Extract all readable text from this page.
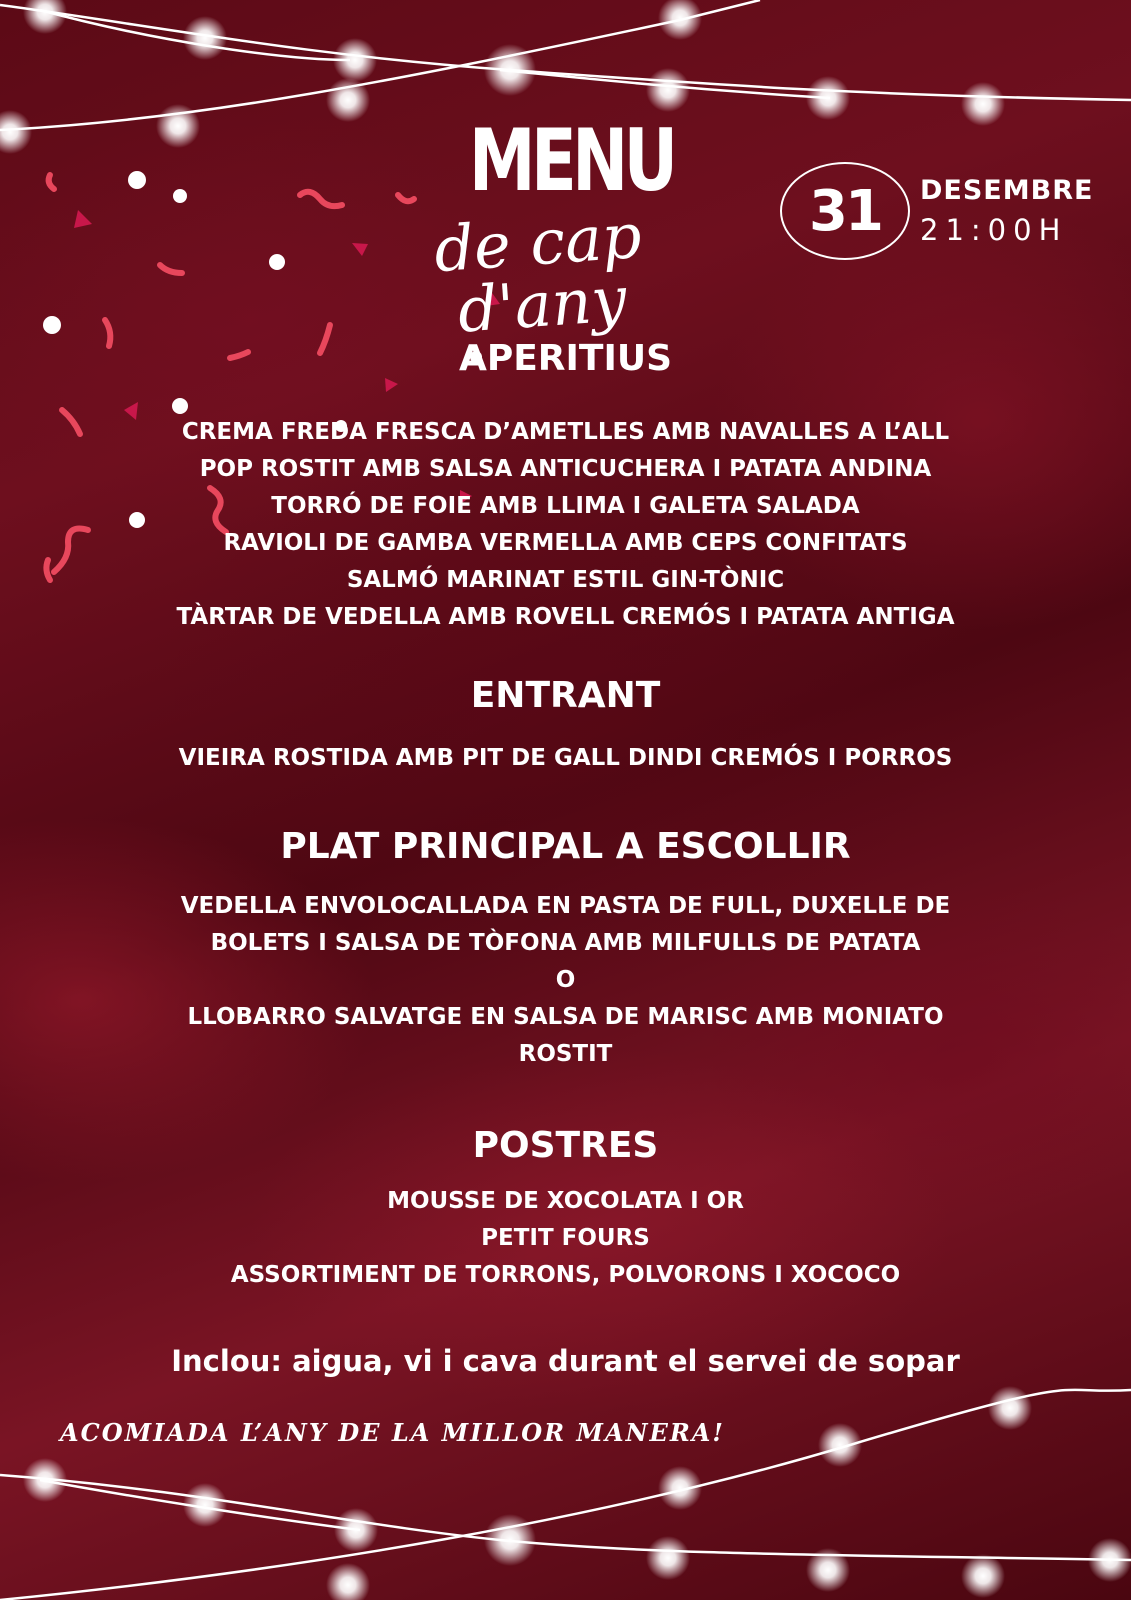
MENU
de cap d'any
31 DESEMBRE
21:00H
APERITIUS
CREMA FREDA FRESCA D’AMETLLES AMB NAVALLES A L’ALL
POP ROSTIT AMB SALSA ANTICUCHERA I PATATA ANDINA
TORRÓ DE FOIE AMB LLIMA I GALETA SALADA
RAVIOLI DE GAMBA VERMELLA AMB CEPS CONFITATS
SALMÓ MARINAT ESTIL GIN-TÒNIC
TÀRTAR DE VEDELLA AMB ROVELL CREMÓS I PATATA ANTIGA
ENTRANT
VIEIRA ROSTIDA AMB PIT DE GALL DINDI CREMÓS I PORROS
PLAT PRINCIPAL A ESCOLLIR
VEDELLA ENVOLOCALLADA EN PASTA DE FULL, DUXELLE DE
BOLETS I SALSA DE TÒFONA AMB MILFULLS DE PATATA
O
LLOBARRO SALVATGE EN SALSA DE MARISC AMB MONIATO
ROSTIT
POSTRES
MOUSSE DE XOCOLATA I OR
PETIT FOURS
ASSORTIMENT DE TORRONS, POLVORONS I XOCOCO
Inclou: aigua, vi i cava durant el servei de sopar
ACOMIADA L’ANY DE LA MILLOR MANERA!
